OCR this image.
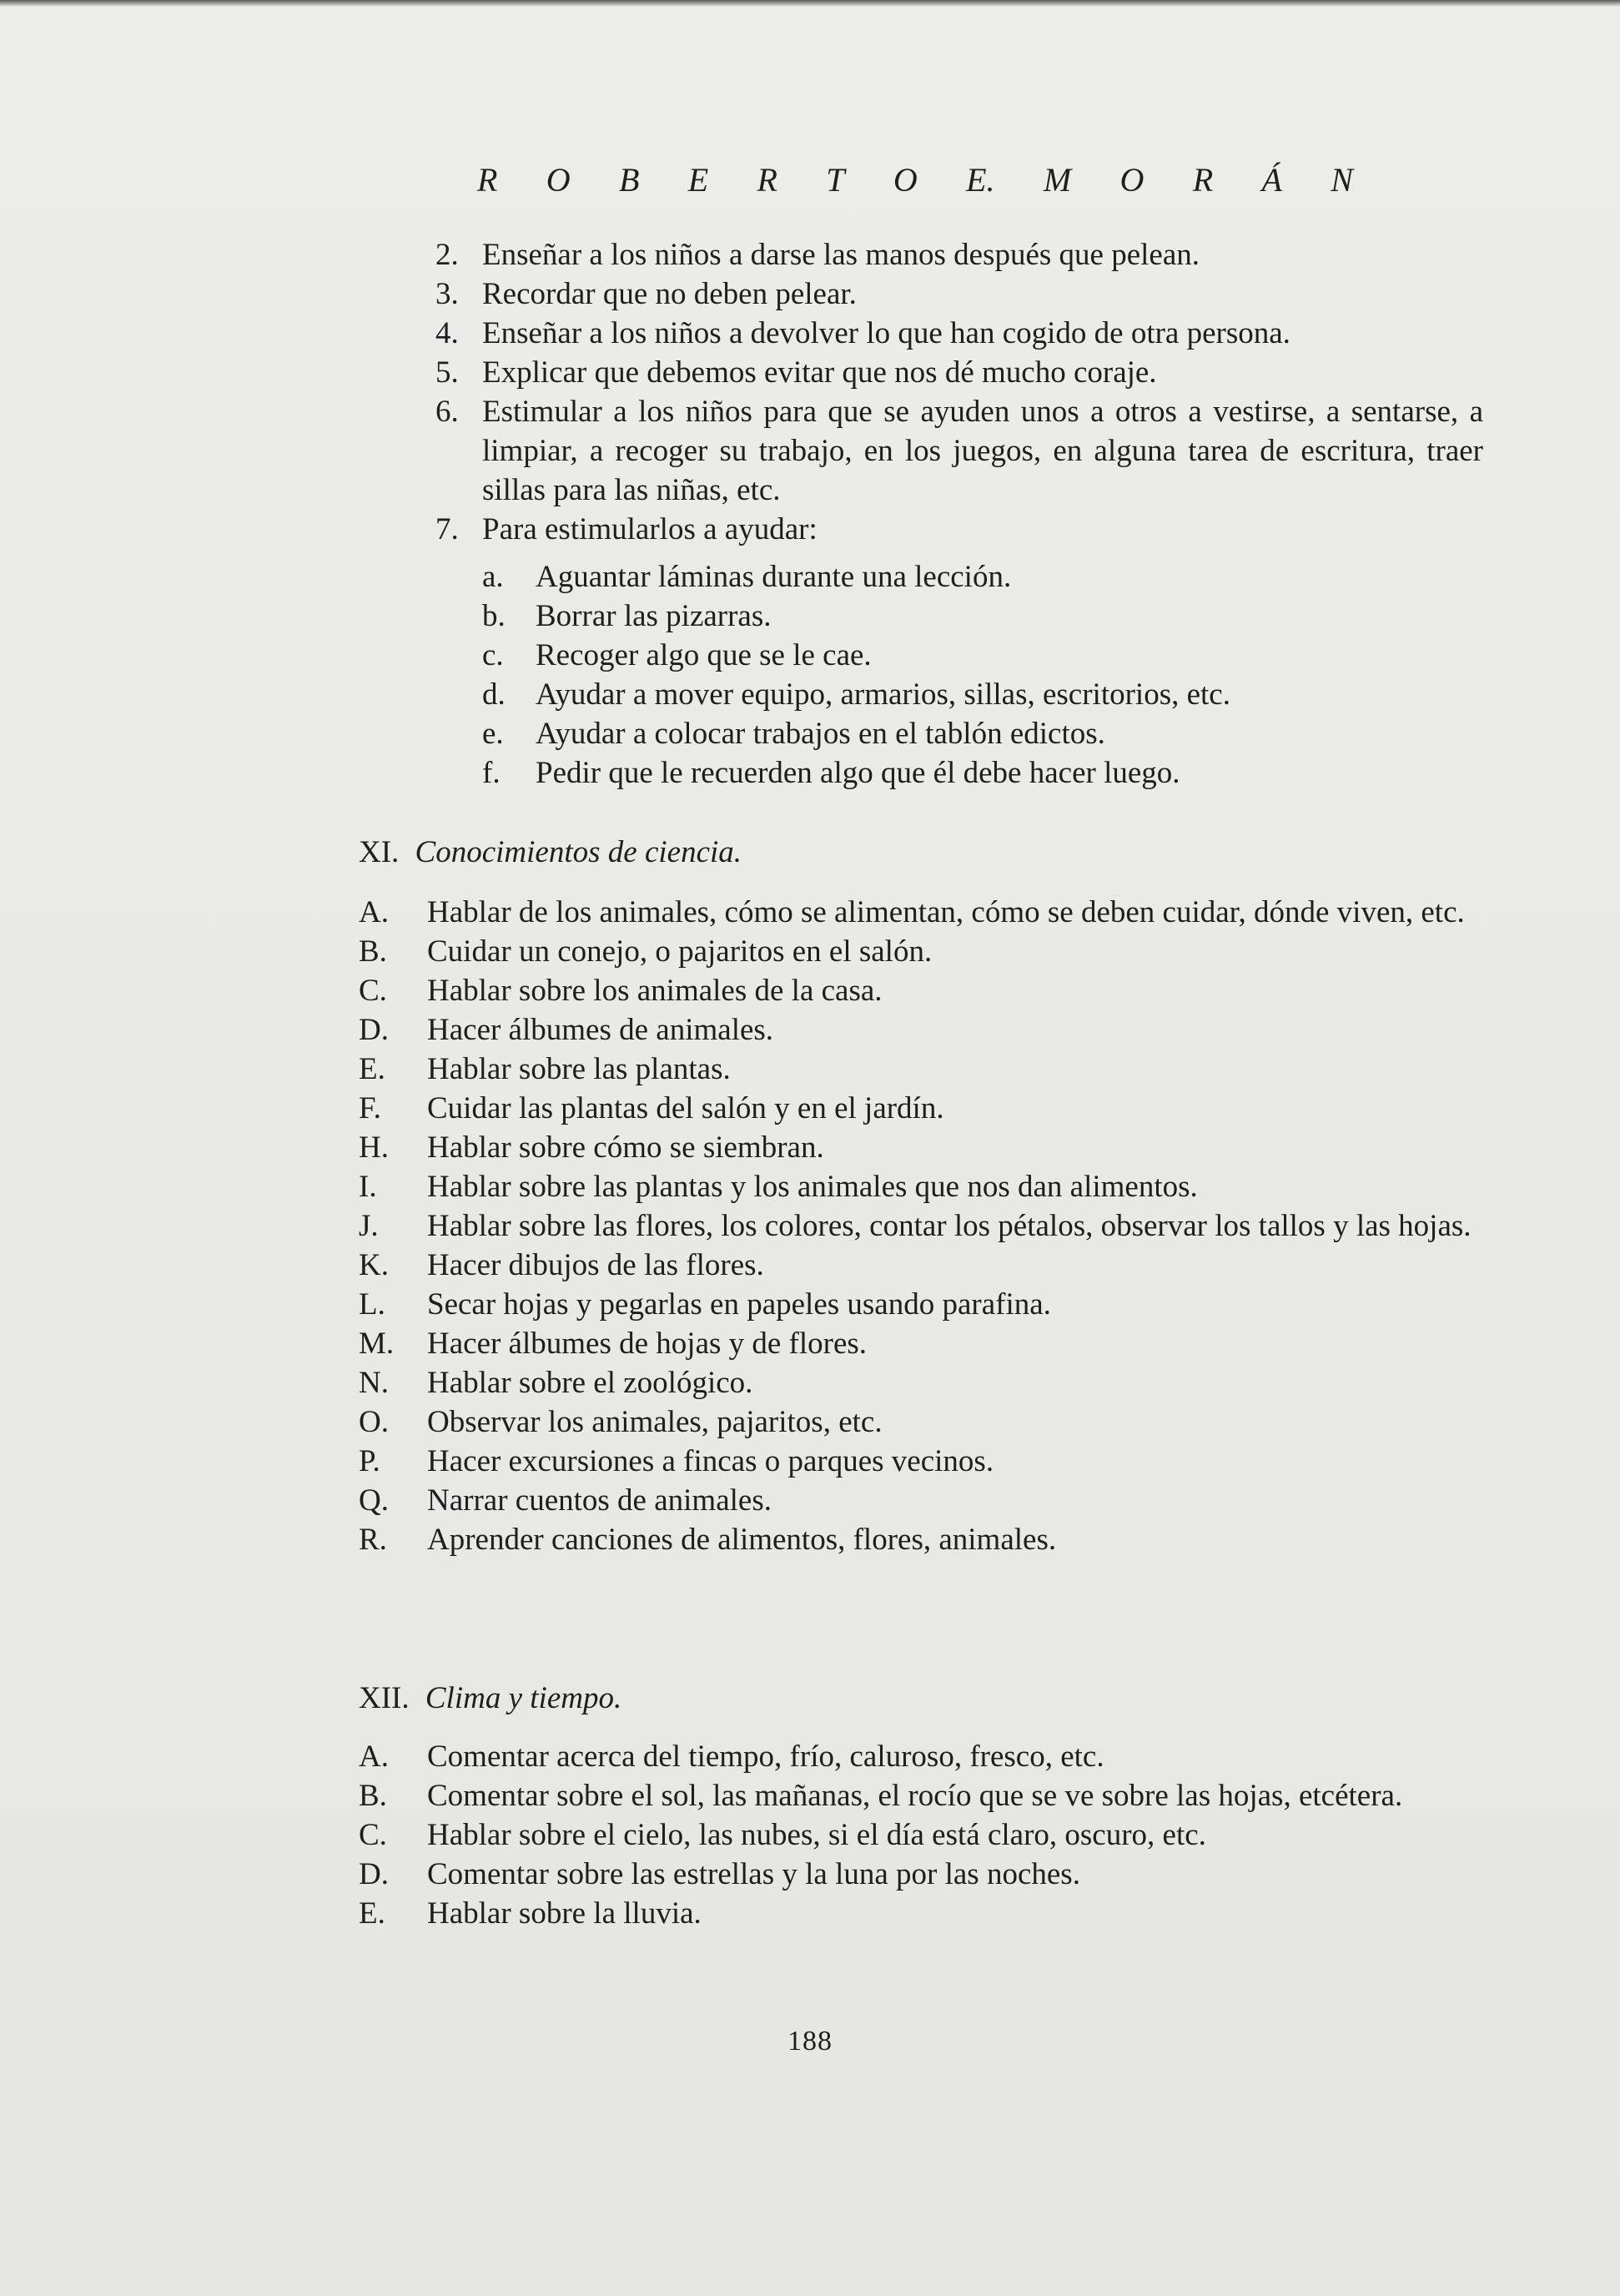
R O B E R T O E. M O R Á N
2. Enseñar a los niños a darse las manos después que pelean.
3. Recordar que no deben pelear.
4. Enseñar a los niños a devolver lo que han cogido de otra persona.
5. Explicar que debemos evitar que nos dé mucho coraje.
6. Estimular a los niños para que se ayuden unos a otros a vestirse, a sentarse, a limpiar, a recoger su trabajo, en los juegos, en alguna tarea de escritura, traer sillas para las niñas, etc.
7. Para estimularlos a ayudar:
a.	Aguantar láminas durante una lección.
b. Borrar las pizarras.
c.	Recoger algo que se le cae.
d. Ayudar a mover equipo, armarios, sillas, escritorios, etc.
e.	Ayudar a colocar trabajos en el tablón edictos.
f.	Pedir que le recuerden algo que él debe hacer luego.
XI. Conocimientos de ciencia.
A.	Hablar de los animales, cómo se alimentan, cómo se deben cuidar, dónde viven, etc.
B.	Cuidar un conejo, o pajaritos en el salón.
C.	Hablar sobre los animales de la casa.
D.	Hacer álbumes de animales.
E.	Hablar sobre las plantas.
F.	Cuidar las plantas del salón y en el jardín.
H.	Hablar sobre cómo se siembran.
I.	Hablar sobre las plantas y los animales que nos dan alimentos.
J.	Hablar sobre las flores, los colores, contar los pétalos, observar los tallos y las hojas.
K.	Hacer dibujos de las flores.
L.	Secar hojas y pegarlas en papeles usando parafina.
M.	Hacer álbumes de hojas y de flores.
N.	Hablar sobre el zoológico.
O.	Observar los animales, pajaritos, etc.
P.	Hacer excursiones a fincas o parques vecinos.
Q.	Narrar cuentos de animales.
R.	Aprender canciones de alimentos, flores, animales.
XII. Clima y tiempo.
A.	Comentar acerca del tiempo, frío, caluroso, fresco, etc.
B.	Comentar sobre el sol, las mañanas, el rocío que se ve sobre las hojas, etcétera.
C.	Hablar sobre el cielo, las nubes, si el día está claro, oscuro, etc.
D.	Comentar sobre las estrellas y la luna por las noches.
E.	Hablar sobre la lluvia.
188
